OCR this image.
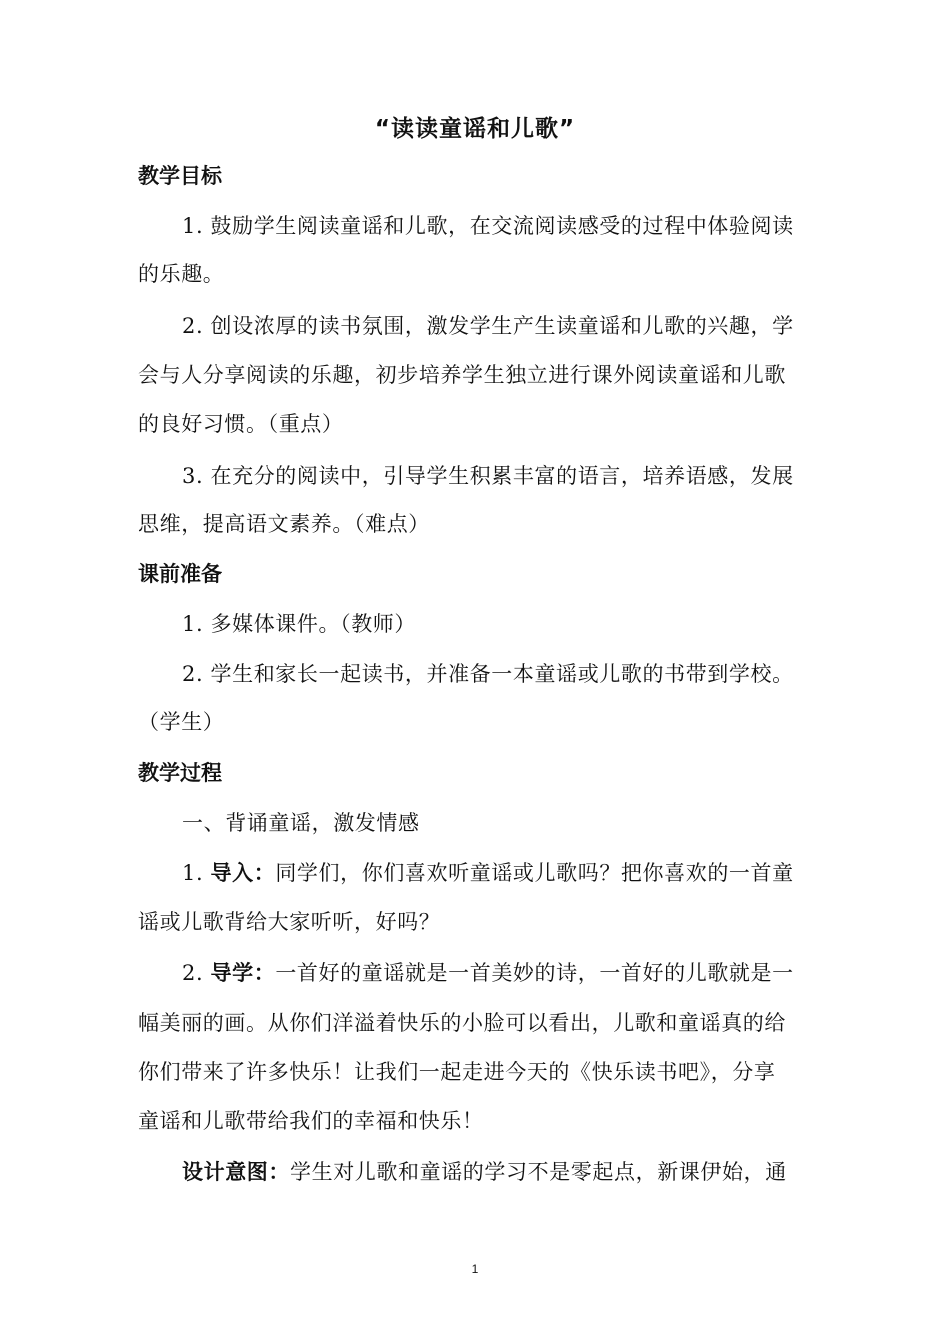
“读读童谣和儿歌”
教学目标
1. 鼓励学生阅读童谣和儿歌，在交流阅读感受的过程中体验阅读
的乐趣。
2. 创设浓厚的读书氛围，激发学生产生读童谣和儿歌的兴趣，学
会与人分享阅读的乐趣，初步培养学生独立进行课外阅读童谣和儿歌
的良好习惯。（重点）
3. 在充分的阅读中，引导学生积累丰富的语言，培养语感，发展
思维，提高语文素养。（难点）
课前准备
1. 多媒体课件。（教师）
2. 学生和家长一起读书，并准备一本童谣或儿歌的书带到学校。
（学生）
教学过程
一、背诵童谣，激发情感
1. 导入：同学们，你们喜欢听童谣或儿歌吗？把你喜欢的一首童
谣或儿歌背给大家听听，好吗？
2. 导学：一首好的童谣就是一首美妙的诗，一首好的儿歌就是一
幅美丽的画。从你们洋溢着快乐的小脸可以看出，儿歌和童谣真的给
你们带来了许多快乐！让我们一起走进今天的《快乐读书吧》，分享
童谣和儿歌带给我们的幸福和快乐！
设计意图：学生对儿歌和童谣的学习不是零起点，新课伊始，通
1
